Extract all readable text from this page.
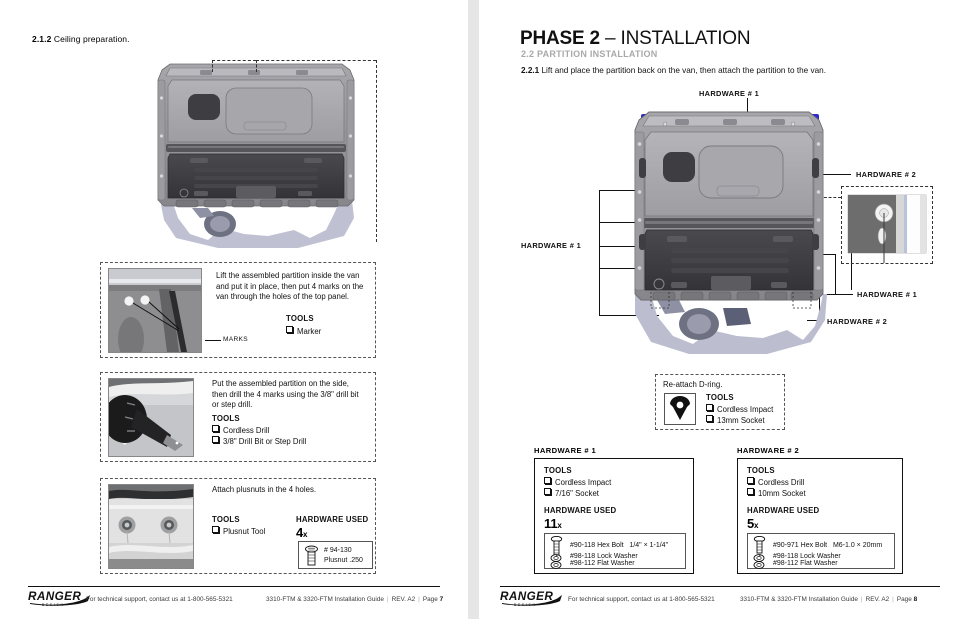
2.1.2 Ceiling preparation.
MARKS
Lift the assembled partition inside the van and put it in place, then put 4 marks on the van through the holes of the top panel.
TOOLS
Marker
Put the assembled partition on the side, then drill the 4 marks using the 3/8" drill bit or step drill.
TOOLS
Cordless Drill
3/8" Drill Bit or Step Drill
Attach plusnuts in the 4 holes.
TOOLS
Plusnut Tool
HARDWARE USED
4x
# 94-130
Plusnut .250
RANGER
DESIGN
For technical support, contact us at 1-800-565-5321	3310-FTM & 3320-FTM Installation Guide | REV. A2 | Page 7
PHASE 2 – INSTALLATION
2.2 PARTITION INSTALLATION
2.2.1 Lift and place the partition back on the van, then attach the partition to the van.
HARDWARE # 1
HARDWARE # 2
HARDWARE # 1
HARDWARE # 1
HARDWARE # 2
Re-attach D-ring.
TOOLS
Cordless Impact
13mm Socket
HARDWARE # 1
TOOLS
Cordless Impact
7/16" Socket
HARDWARE USED
11x
#90-118 Hex Bolt 1/4" × 1-1/4"
#98-118 Lock Washer
#98-112 Flat Washer
HARDWARE # 2
TOOLS
Cordless Drill
10mm Socket
HARDWARE USED
5x
#90-971 Hex Bolt M6-1.0 × 20mm
#98-118 Lock Washer
#98-112 Flat Washer
RANGER
DESIGN
For technical support, contact us at 1-800-565-5321	3310-FTM & 3320-FTM Installation Guide | REV. A2 | Page 8
